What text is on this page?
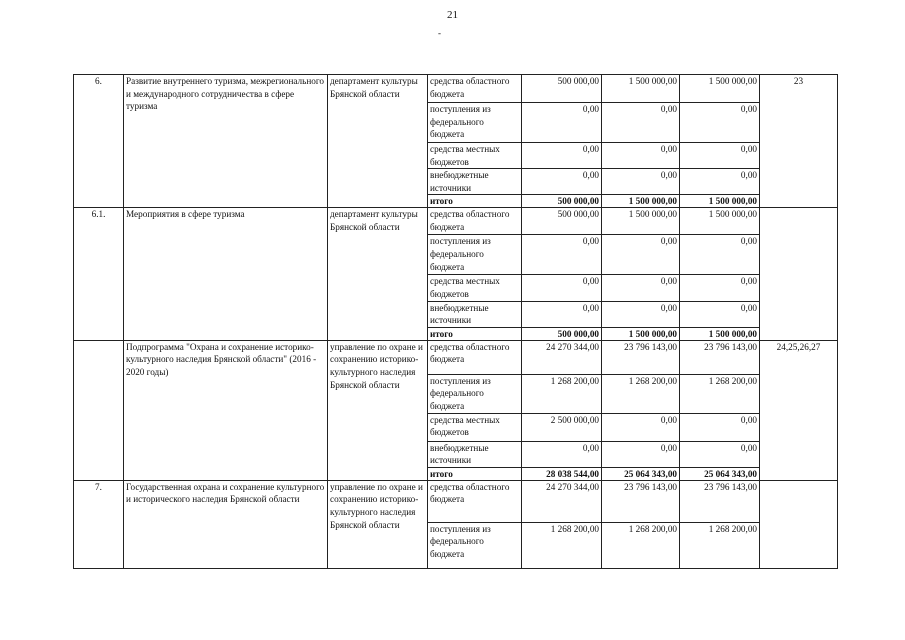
21
-
6.	Развитие внутреннего туризма, межрегионального и международного сотрудничества в сфере туризма	департамент культуры Брянской области	средства областного бюджета	500 000,00	1 500 000,00	1 500 000,00	23
			поступления из федерального бюджета	0,00	0,00	0,00	
			средства местных бюджетов	0,00	0,00	0,00	
			внебюджетные источники	0,00	0,00	0,00	
			итого	500 000,00	1 500 000,00	1 500 000,00	
6.1.	Мероприятия в сфере туризма	департамент культуры Брянской области	средства областного бюджета	500 000,00	1 500 000,00	1 500 000,00	
			поступления из федерального бюджета	0,00	0,00	0,00	
			средства местных бюджетов	0,00	0,00	0,00	
			внебюджетные источники	0,00	0,00	0,00	
			итого	500 000,00	1 500 000,00	1 500 000,00	
	Подпрограмма "Охрана и сохранение историко-культурного наследия Брянской области" (2016 - 2020 годы)	управление по охране и сохранению историко-культурного наследия Брянской области	средства областного бюджета	24 270 344,00	23 796 143,00	23 796 143,00	24,25,26,27
			поступления из федерального бюджета	1 268 200,00	1 268 200,00	1 268 200,00	
			средства местных бюджетов	2 500 000,00	0,00	0,00	
			внебюджетные источники	0,00	0,00	0,00	
			итого	28 038 544,00	25 064 343,00	25 064 343,00	
7.	Государственная охрана и сохранение культурного и исторического наследия Брянской области	управление по охране и сохранению историко-культурного наследия Брянской области	средства областного бюджета	24 270 344,00	23 796 143,00	23 796 143,00	
			поступления из федерального бюджета	1 268 200,00	1 268 200,00	1 268 200,00	
